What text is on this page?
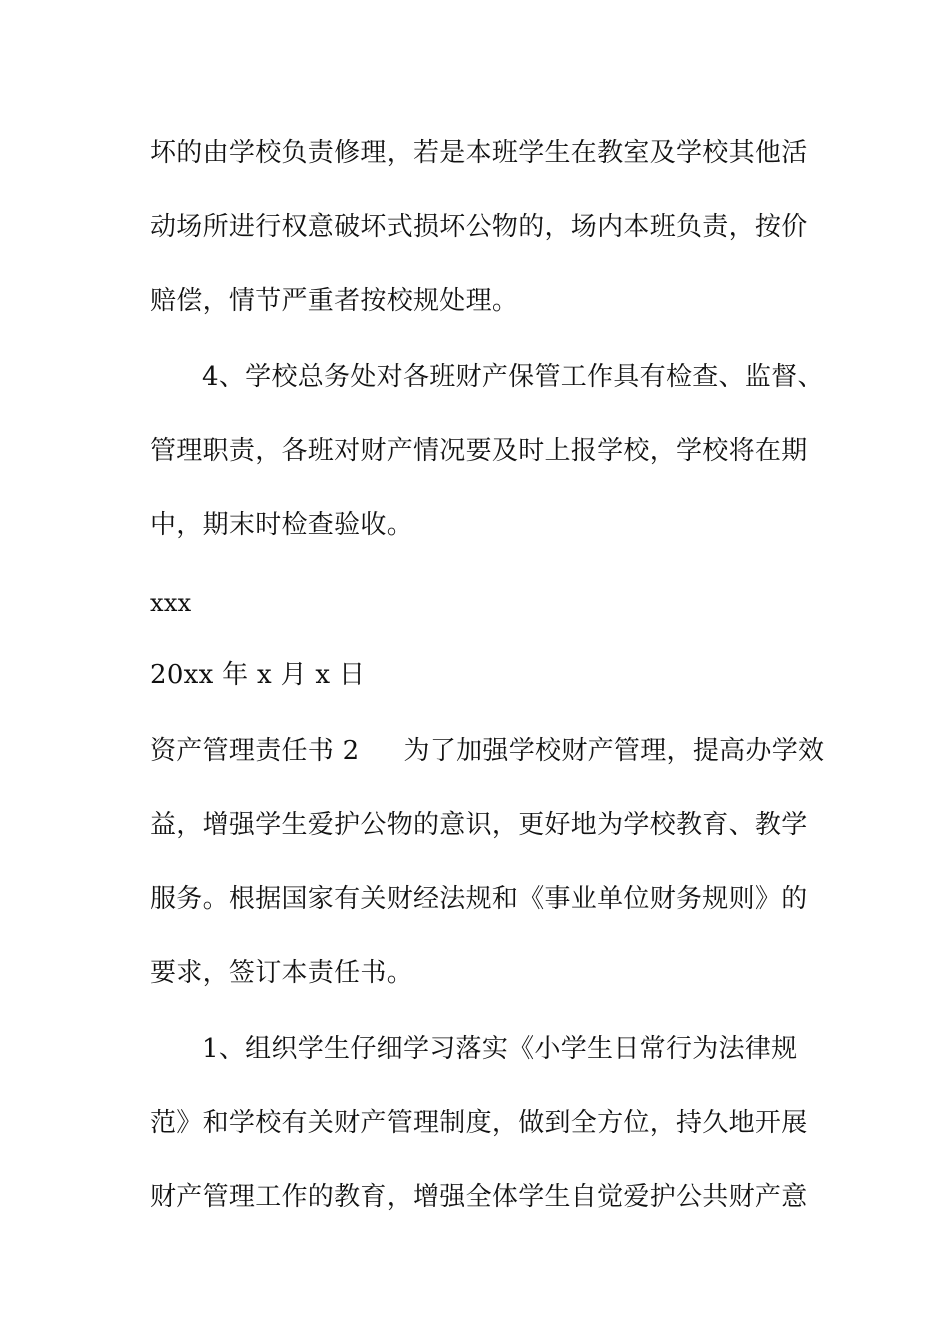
坏的由学校负责修理，若是本班学生在教室及学校其他活
动场所进行权意破坏式损坏公物的，场内本班负责，按价
赔偿，情节严重者按校规处理。
4、学校总务处对各班财产保管工作具有检查、监督、
管理职责，各班对财产情况要及时上报学校，学校将在期
中，期末时检查验收。
xxx
20xx 年 x 月 x 日
资产管理责任书 2 为了加强学校财产管理，提高办学效
益，增强学生爱护公物的意识，更好地为学校教育、教学
服务。根据国家有关财经法规和《事业单位财务规则》的
要求，签订本责任书。
1、组织学生仔细学习落实《小学生日常行为法律规
范》和学校有关财产管理制度，做到全方位，持久地开展
财产管理工作的教育，增强全体学生自觉爱护公共财产意
